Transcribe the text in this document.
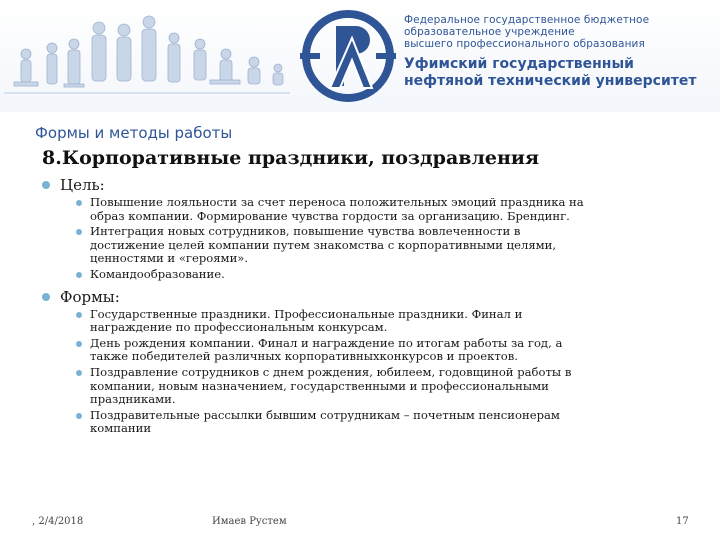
Федеральное государственное бюджетное
образовательное учреждение
высшего профессионального образования
Уфимский государственный
нефтяной технический университет
Формы и методы работы
8.Корпоративные праздники, поздравления
Цель:
Повышение лояльности за счет переноса положительных эмоций праздника на
образ компании. Формирование чувства гордости за организацию. Брендинг.
Интеграция новых сотрудников, повышение чувства вовлеченности в
достижение целей компании путем знакомства с корпоративными целями,
ценностями и «героями».
Командообразование.
Формы:
Государственные праздники. Профессиональные праздники. Финал и
награждение по профессиональным конкурсам.
День рождения компании. Финал и награждение по итогам работы за год, а
также победителей различных корпоративныхконкурсов и проектов.
Поздравление сотрудников с днем рождения, юбилеем, годовщиной работы в
компании, новым назначением, государственными и профессиональными
праздниками.
Поздравительные рассылки бывшим сотрудникам – почетным пенсионерам
компании
, 2/4/2018	Имаев Рустем	17
